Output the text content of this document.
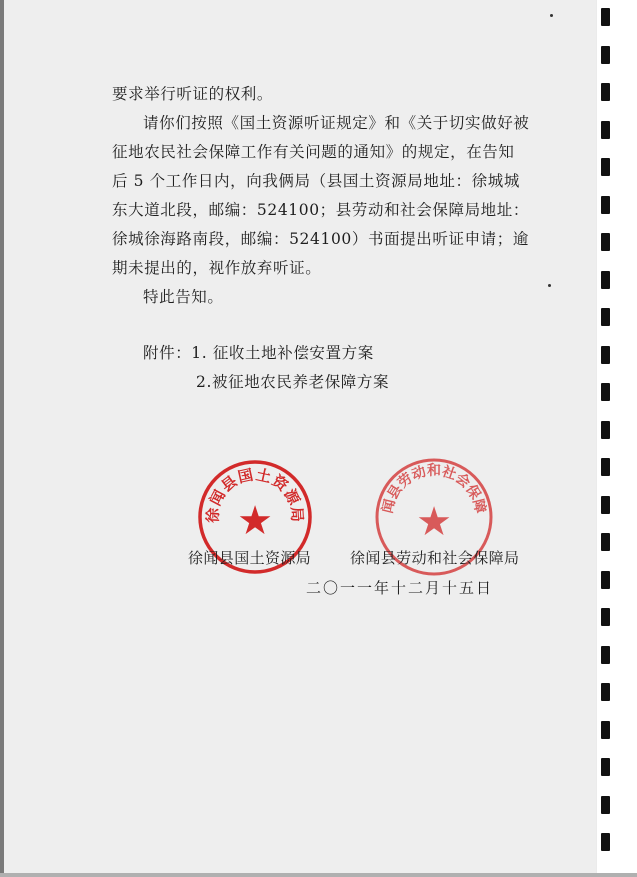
要求举行听证的权利。
请你们按照《国土资源听证规定》和《关于切实做好被
征地农民社会保障工作有关问题的通知》的规定，在告知
后 5 个工作日内，向我俩局（县国土资源局地址：徐城城
东大道北段，邮编：524100；县劳动和社会保障局地址：
徐城徐海路南段，邮编：524100）书面提出听证申请；逾
期未提出的，视作放弃听证。
特此告知。
附件：1. 征收土地补偿安置方案
2.被征地农民养老保障方案
徐闻县国土资源局
★
徐闻县劳动和社会保障局
★
徐闻县国土资源局	徐闻县劳动和社会保障局
二〇一一年十二月十五日
